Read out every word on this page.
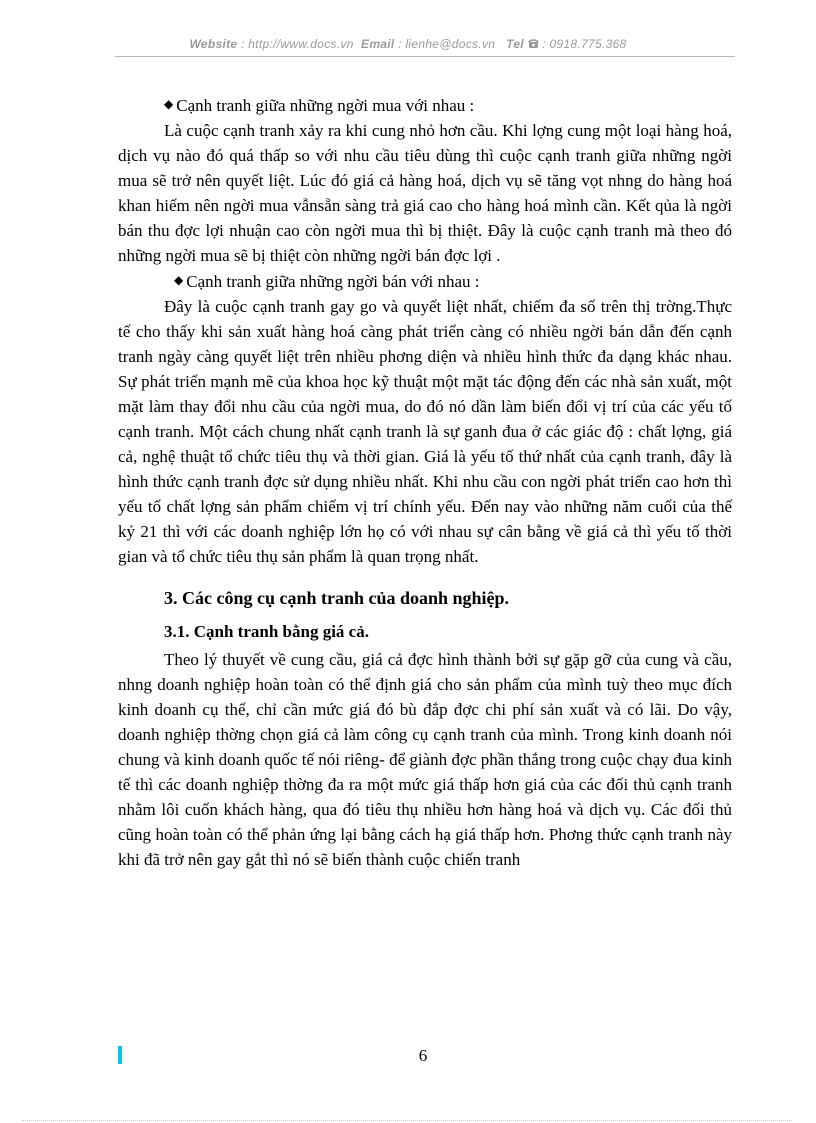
Website : http://www.docs.vn Email : lienhe@docs.vn Tel : 0918.775.368

◆ Cạnh tranh giữa những ngời mua với nhau :

Là cuộc cạnh tranh xảy ra khi cung nhỏ hơn cầu. Khi lợng cung một loại hàng hoá, dịch vụ nào đó quá thấp so với nhu cầu tiêu dùng thì cuộc cạnh tranh giữa những ngời mua sẽ trở nên quyết liệt. Lúc đó giá cả hàng hoá, dịch vụ sẽ tăng vọt nhng do hàng hoá khan hiếm nên ngời mua vẫnsẵn sàng trả giá cao cho hàng hoá mình cần. Kết qủa là ngời bán thu đợc lợi nhuận cao còn ngời mua thì bị thiệt. Đây là cuộc cạnh tranh mà theo đó những ngời mua sẽ bị thiệt còn những ngời bán đợc lợi .

◆ Cạnh tranh giữa những ngời bán với nhau :

Đây là cuộc cạnh tranh gay go và quyết liệt nhất, chiếm đa số trên thị trờng.Thực tế cho thấy khi sản xuất hàng hoá càng phát triển càng có nhiều ngời bán dẫn đến cạnh tranh ngày càng quyết liệt trên nhiều phơng diện và nhiều hình thức đa dạng khác nhau. Sự phát triển mạnh mẽ của khoa học kỹ thuật một mặt tác động đến các nhà sản xuất, một mặt làm thay đổi nhu cầu của ngời mua, do đó nó dần làm biến đổi vị trí của các yếu tố cạnh tranh. Một cách chung nhất cạnh tranh là sự ganh đua ở các giác độ : chất lợng, giá cả, nghệ thuật tổ chức tiêu thụ và thời gian. Giá là yếu tố thứ nhất của cạnh tranh, đây là hình thức cạnh tranh đợc sử dụng nhiều nhất. Khi nhu cầu con ngời phát triển cao hơn thì yếu tố chất lợng sản phẩm chiếm vị trí chính yếu. Đến nay vào những năm cuối của thế kỷ 21 thì với các doanh nghiệp lớn họ có với nhau sự cân bằng về giá cả thì yếu tố thời gian và tổ chức tiêu thụ sản phẩm là quan trọng nhất.

3. Các công cụ cạnh tranh của doanh nghiệp.

3.1. Cạnh tranh bằng giá cả.

Theo lý thuyết về cung cầu, giá cả đợc hình thành bởi sự gặp gỡ của cung và cầu, nhng doanh nghiệp hoàn toàn có thể định giá cho sản phẩm của mình tuỳ theo mục đích kinh doanh cụ thể, chỉ cần mức giá đó bù đắp đợc chi phí sản xuất và có lãi. Do vậy, doanh nghiệp thờng chọn giá cả làm công cụ cạnh tranh của mình. Trong kinh doanh nói chung và kinh doanh quốc tế nói riêng- để giành đợc phần thắng trong cuộc chạy đua kinh tế thì các doanh nghiệp thờng đa ra một mức giá thấp hơn giá của các đối thủ cạnh tranh nhằm lôi cuốn khách hàng, qua đó tiêu thụ nhiều hơn hàng hoá và dịch vụ. Các đối thủ cũng hoàn toàn có thể phản ứng lại bằng cách hạ giá thấp hơn. Phơng thức cạnh tranh này khi đã trở nên gay gắt thì nó sẽ biến thành cuộc chiến tranh

6
